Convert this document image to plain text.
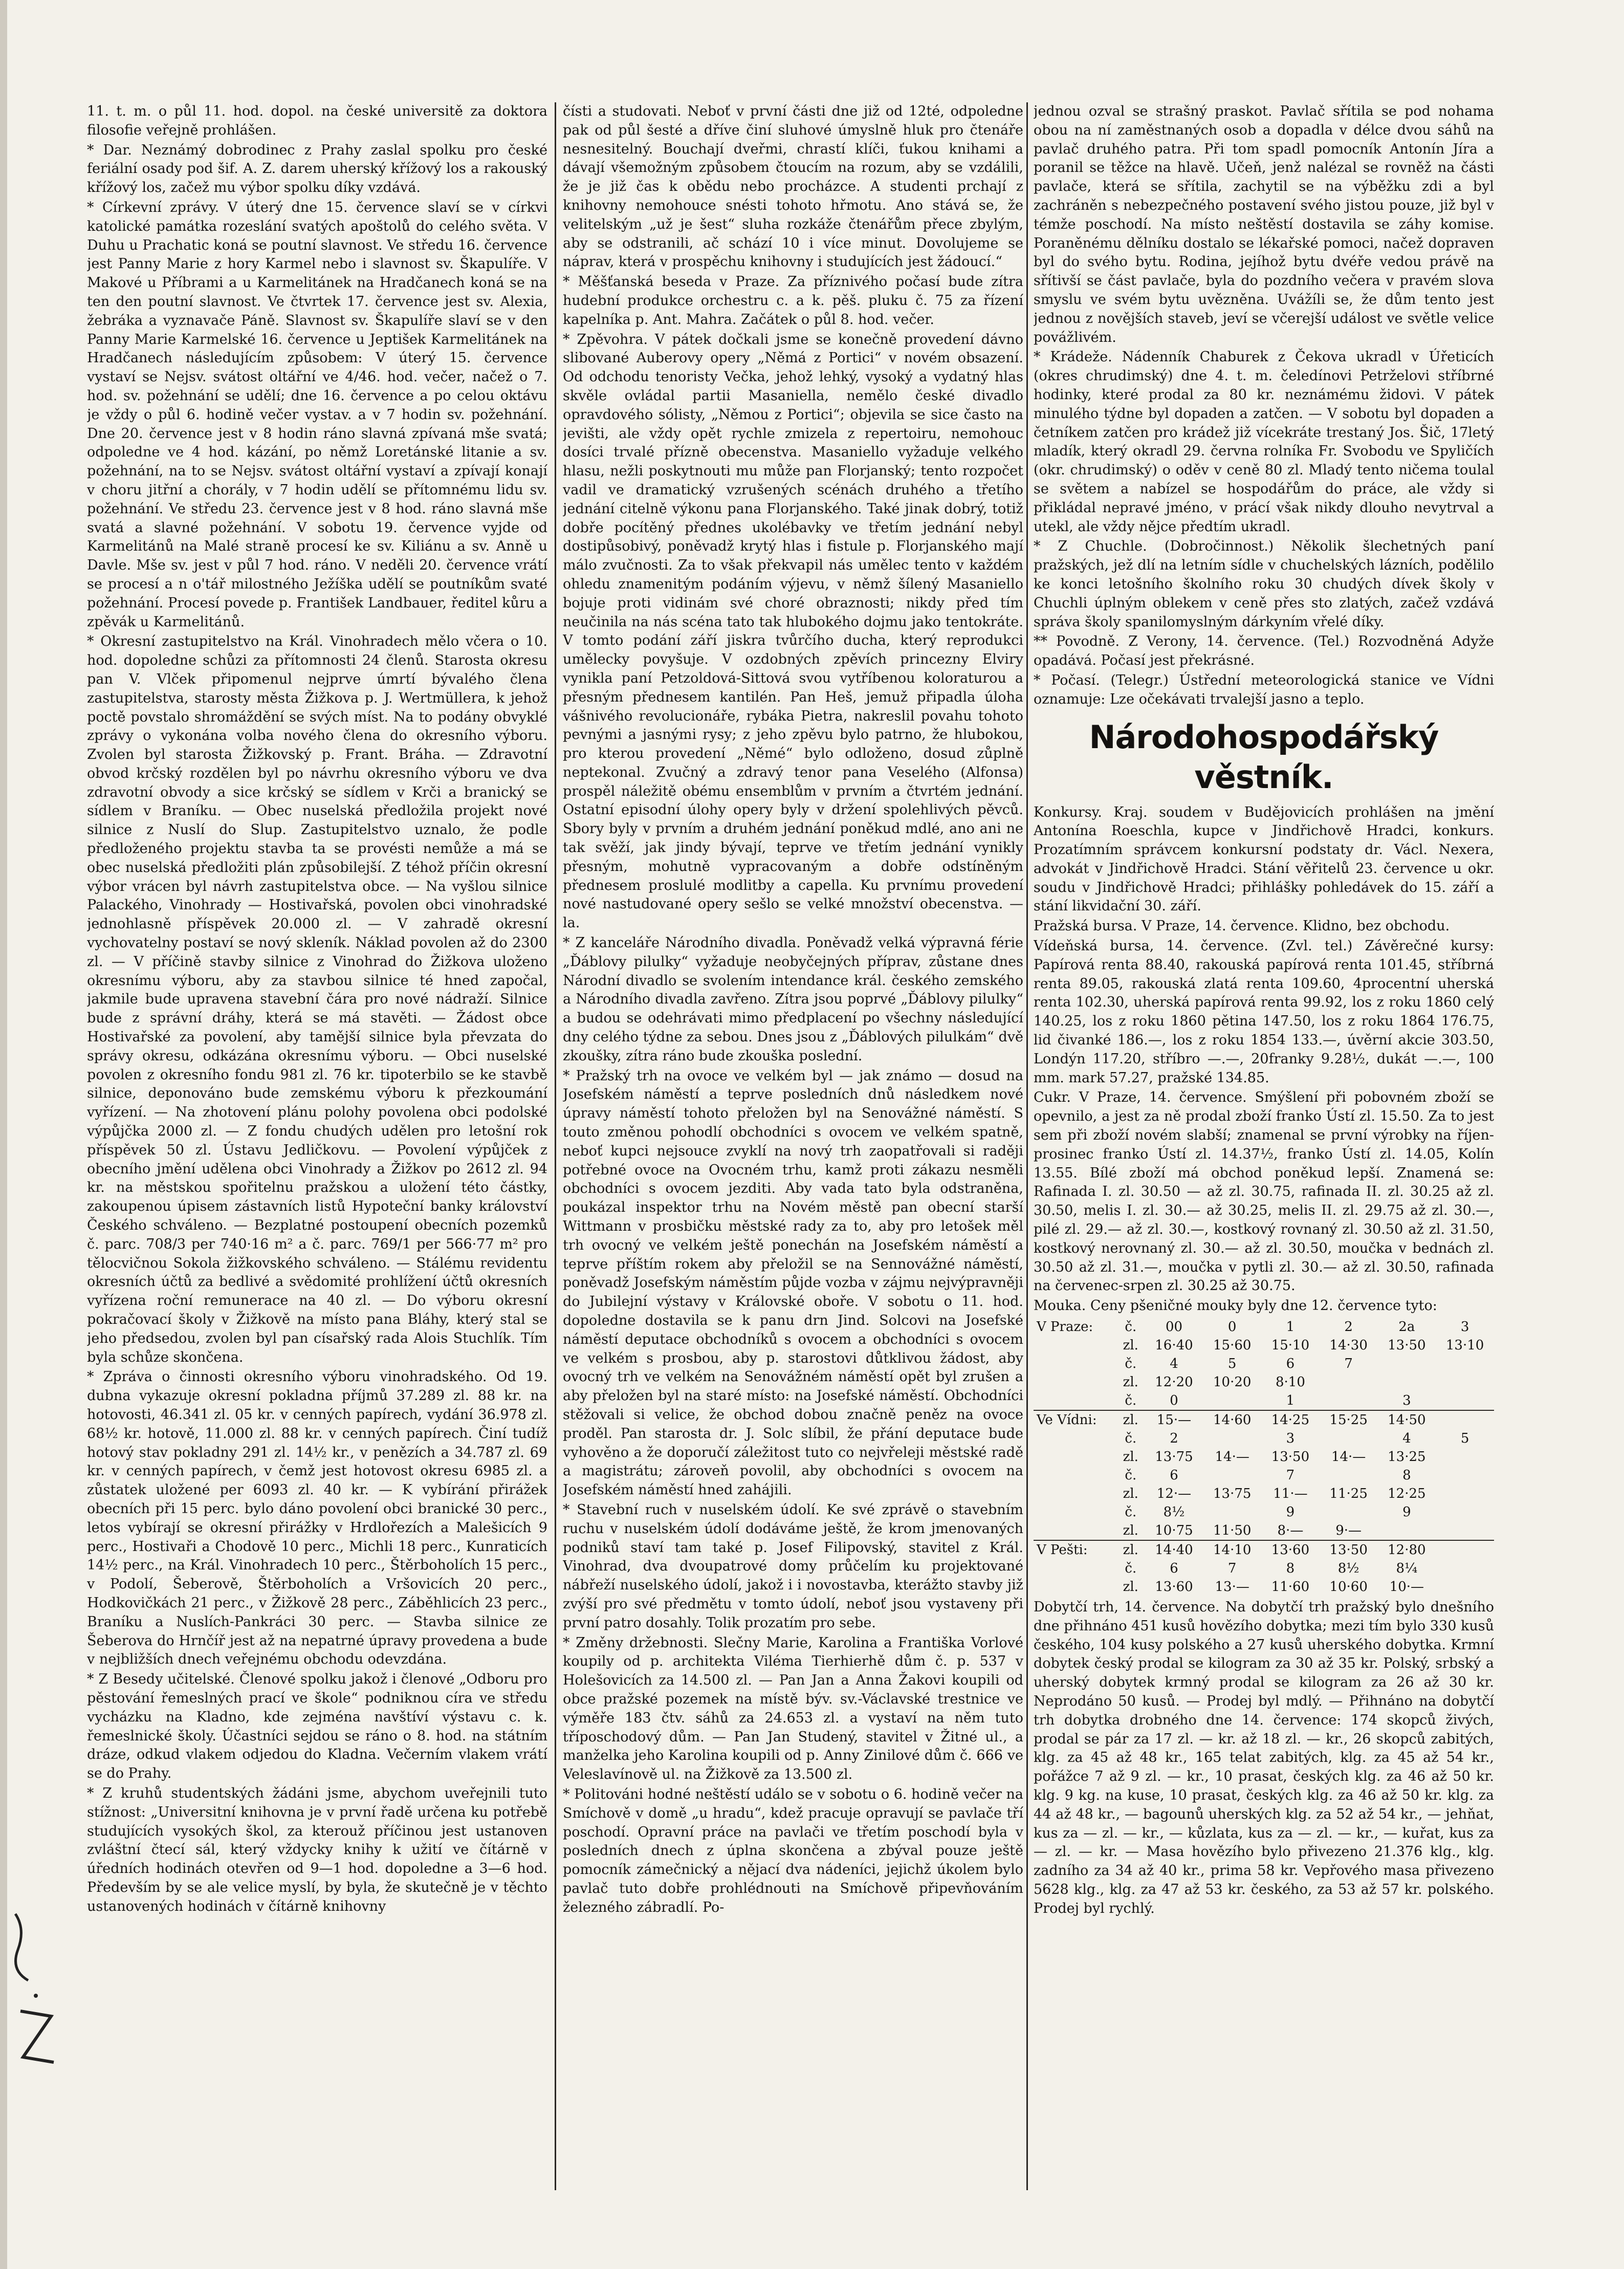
11. t. m. o půl 11. hod. dopol. na české universitě za doktora filosofie veřejně prohlášen.

* Dar. Neznámý dobrodinec z Prahy zaslal spolku pro české feriální osady pod šif. A. Z. darem uherský křížový los a rakouský křížový los, začež mu výbor spolku díky vzdává.

* Církevní zprávy. V úterý dne 15. července slaví se v církvi katolické památka rozeslání svatých apoštolů do celého světa. V Duhu u Prachatic koná se poutní slavnost. Ve středu 16. července jest Panny Marie z hory Karmel nebo i slavnost sv. Škapulíře. V Makové u Příbrami a u Karmelitánek na Hradčanech koná se na ten den poutní slavnost. Ve čtvrtek 17. července jest sv. Alexia, žebráka a vyznavače Páně. Slavnost sv. Škapulíře slaví se v den Panny Marie Karmelské 16. července u Jeptišek Karmelitánek na Hradčanech následujícím způsobem: V úterý 15. července vystaví se Nejsv. svátost oltářní ve 4/46. hod. večer, načež o 7. hod. sv. požehnání se udělí; dne 16. července a po celou oktávu je vždy o půl 6. hodině večer vystav. a v 7 hodin sv. požehnání. Dne 20. července jest v 8 hodin ráno slavná zpívaná mše svatá; odpoledne ve 4 hod. kázání, po němž Loretánské litanie a sv. požehnání, na to se Nejsv. svátost oltářní vystaví a zpívají konají v choru jitřní a chorály, v 7 hodin udělí se přítomnému lidu sv. požehnání. Ve středu 23. července jest v 8 hod. ráno slavná mše svatá a slavné požehnání. V sobotu 19. července vyjde od Karmelitánů na Malé straně procesí ke sv. Kiliánu a sv. Anně u Davle. Mše sv. jest v půl 7 hod. ráno. V neděli 20. července vrátí se procesí a n o'tář milostného Ježíška udělí se poutníkům svaté požehnání. Procesí povede p. František Landbauer, ředitel kůru a zpěvák u Karmelitánů.

* Okresní zastupitelstvo na Král. Vinohradech mělo včera o 10. hod. dopoledne schůzi za přítomnosti 24 členů. Starosta okresu pan V. Vlček připomenul nejprve úmrtí bývalého člena zastupitelstva, starosty města Žižkova p. J. Wertmüllera, k jehož poctě povstalo shromáždění se svých míst. Na to podány obvyklé zprávy o vykonána volba nového člena do okresního výboru. Zvolen byl starosta Žižkovský p. Frant. Bráha. — Zdravotní obvod krčský rozdělen byl po návrhu okresního výboru ve dva zdravotní obvody a sice krčský se sídlem v Krči a branický se sídlem v Braníku. — Obec nuselská předložila projekt nové silnice z Nuslí do Slup. Zastupitelstvo uznalo, že podle předloženého projektu stavba ta se provésti nemůže a má se obec nuselská předložiti plán způsobilejší. Z téhož příčin okresní výbor vrácen byl návrh zastupitelstva obce. — Na vyšlou silnice Palackého, Vinohrady — Hostivařská, povolen obci vinohradské jednohlasně příspěvek 20.000 zl. — V zahradě okresní vychovatelny postaví se nový skleník. Náklad povolen až do 2300 zl. — V příčině stavby silnice z Vinohrad do Žižkova uloženo okresnímu výboru, aby za stavbou silnice té hned započal, jakmile bude upravena stavební čára pro nové nádraží. Silnice bude z správní dráhy, která se má stavěti. — Žádost obce Hostivařské za povolení, aby tamější silnice byla převzata do správy okresu, odkázána okresnímu výboru. — Obci nuselské povolen z okresního fondu 981 zl. 76 kr. tipoterbilo se ke stavbě silnice, deponováno bude zemskému výboru k přezkoumání vyřízení. — Na zhotovení plánu polohy povolena obci podolské výpůjčka 2000 zl. — Z fondu chudých udělen pro letošní rok příspěvek 50 zl. Ústavu Jedličkovu. — Povolení výpůjček z obecního jmění udělena obci Vinohrady a Žižkov po 2612 zl. 94 kr. na městskou spořitelnu pražskou a uložení této částky, zakoupenou úpisem zástavních listů Hypoteční banky království Českého schváleno. — Bezplatné postoupení obecních pozemků č. parc. 708/3 per 740·16 m² a č. parc. 769/1 per 566·77 m² pro tělocvičnou Sokola žižkovského schváleno. — Stálému revidentu okresních účtů za bedlivé a svědomité prohlížení účtů okresních vyřízena roční remunerace na 40 zl. — Do výboru okresní pokračovací školy v Žižkově na místo pana Bláhy, který stal se jeho předsedou, zvolen byl pan císařský rada Alois Stuchlík. Tím byla schůze skončena.

* Zpráva o činnosti okresního výboru vinohradského. Od 19. dubna vykazuje okresní pokladna příjmů 37.289 zl. 88 kr. na hotovosti, 46.341 zl. 05 kr. v cenných papírech, vydání 36.978 zl. 68½ kr. hotově, 11.000 zl. 88 kr. v cenných papírech. Činí tudíž hotový stav pokladny 291 zl. 14½ kr., v penězích a 34.787 zl. 69 kr. v cenných papírech, v čemž jest hotovost okresu 6985 zl. a zůstatek uložené per 6093 zl. 40 kr. — K vybírání přirážek obecních při 15 perc. bylo dáno povolení obci branické 30 perc., letos vybírají se okresní přirážky v Hrdlořezích a Malešicích 9 perc., Hostivaři a Chodově 10 perc., Michli 18 perc., Kunraticích 14½ perc., na Král. Vinohradech 10 perc., Štěrboholích 15 perc., v Podolí, Šeberově, Štěrboholích a Vršovicích 20 perc., Hodkovičkách 21 perc., v Žižkově 28 perc., Záběhlicích 23 perc., Braníku a Nuslích-Pankráci 30 perc. — Stavba silnice ze Šeberova do Hrnčíř jest až na nepatrné úpravy provedena a bude v nejbližších dnech veřejnému obchodu odevzdána.

* Z Besedy učitelské. Členové spolku jakož i členové „Odboru pro pěstování řemeslných prací ve škole“ podniknou círa ve středu vycházku na Kladno, kde zejména navštíví výstavu c. k. řemeslnické školy. Účastníci sejdou se ráno o 8. hod. na státním dráze, odkud vlakem odjedou do Kladna. Večerním vlakem vrátí se do Prahy.

* Z kruhů studentských žádáni jsme, abychom uveřejnili tuto stížnost: „Universitní knihovna je v první řadě určena ku potřebě studujících vysokých škol, za kterouž příčinou jest ustanoven zvláštní čtecí sál, který vždycky knihy k užití ve čítárně v úředních hodinách otevřen od 9—1 hod. dopoledne a 3—6 hod. Především by se ale velice myslí, by byla, že skutečně je v těchto ustanovených hodinách v čítárně knihovny

čísti a studovati. Neboť v první části dne již od 12té, odpoledne pak od půl šesté a dříve činí sluhové úmyslně hluk pro čtenáře nesnesitelný. Bouchají dveřmi, chrastí klíči, ťukou knihami a dávají všemožným způsobem čtoucím na rozum, aby se vzdálili, že je již čas k obědu nebo procházce. A studenti prchají z knihovny nemohouce snésti tohoto hřmotu. Ano stává se, že velitelským „už je šest“ sluha rozkáže čtenářům přece zbylým, aby se odstranili, ač schází 10 i více minut. Dovolujeme se náprav, která v prospěchu knihovny i studujících jest žádoucí.“

* Měšťanská beseda v Praze. Za příznivého počasí bude zítra hudební produkce orchestru c. a k. pěš. pluku č. 75 za řízení kapelníka p. Ant. Mahra. Začátek o půl 8. hod. večer.

* Zpěvohra. V pátek dočkali jsme se konečně provedení dávno slibované Auberovy opery „Němá z Portici“ v novém obsazení. Od odchodu tenoristy Večka, jehož lehký, vysoký a vydatný hlas skvěle ovládal partii Masaniella, nemělo české divadlo opravdového sólisty, „Němou z Portici“; objevila se sice často na jevišti, ale vždy opět rychle zmizela z repertoiru, nemohouc dosíci trvalé přízně obecenstva. Masaniello vyžaduje velkého hlasu, nežli poskytnouti mu může pan Florjanský; tento rozpočet vadil ve dramatický vzrušených scénách druhého a třetího jednání citelně výkonu pana Florjanského. Také jinak dobrý, totiž dobře pocítěný přednes ukolébavky ve třetím jednání nebyl dostipůsobivý, poněvadž krytý hlas i fistule p. Florjanského mají málo zvučnosti. Za to však překvapil nás umělec tento v každém ohledu znamenitým podáním výjevu, v němž šílený Masaniello bojuje proti vidinám své choré obraznosti; nikdy před tím neučinila na nás scéna tato tak hlubokého dojmu jako tentokráte. V tomto podání září jiskra tvůrčího ducha, který reprodukci umělecky povyšuje. V ozdobných zpěvích princezny Elviry vynikla paní Petzoldová-Sittová svou vytříbenou koloraturou a přesným přednesem kantilén. Pan Heš, jemuž připadla úloha vášnivého revolucionáře, rybáka Pietra, nakreslil povahu tohoto pevnými a jasnými rysy; z jeho zpěvu bylo patrno, že hlubokou, pro kterou provedení „Němé“ bylo odloženo, dosud zůplně neptekonal. Zvučný a zdravý tenor pana Veselého (Alfonsa) prospěl náležitě obému ensemblům v prvním a čtvrtém jednání. Ostatní episodní úlohy opery byly v držení spolehlivých pěvců. Sbory byly v prvním a druhém jednání poněkud mdlé, ano ani ne tak svěží, jak jindy bývají, teprve ve třetím jednání vynikly přesným, mohutně vypracovaným a dobře odstíněným přednesem proslulé modlitby a capella. Ku prvnímu provedení nové nastudované opery sešlo se velké množství obecenstva. —la.

* Z kanceláře Národního divadla. Poněvadž velká výpravná férie „Ďáblovy pilulky“ vyžaduje neobyčejných příprav, zůstane dnes Národní divadlo se svolením intendance král. českého zemského a Národního divadla zavřeno. Zítra jsou poprvé „Ďáblovy pilulky“ a budou se odehrávati mimo předplacení po všechny následující dny celého týdne za sebou. Dnes jsou z „Ďáblových pilulkám“ dvě zkoušky, zítra ráno bude zkouška poslední.

* Pražský trh na ovoce ve velkém byl — jak známo — dosud na Josefském náměstí a teprve posledních dnů následkem nové úpravy náměstí tohoto přeložen byl na Senovážné náměstí. S touto změnou pohodlí obchodníci s ovocem ve velkém spatně, neboť kupci nejsouce zvyklí na nový trh zaopatřovali si raději potřebné ovoce na Ovocném trhu, kamž proti zákazu nesměli obchodníci s ovocem jezditi. Aby vada tato byla odstraněna, poukázal inspektor trhu na Novém městě pan obecní starší Wittmann v prosbičku městské rady za to, aby pro letošek měl trh ovocný ve velkém ještě ponechán na Josefském náměstí a teprve příštím rokem aby přeložil se na Sennovážné náměstí, poněvadž Josefským náměstím půjde vozba v zájmu nejvýpravněji do Jubilejní výstavy v Královské oboře. V sobotu o 11. hod. dopoledne dostavila se k panu drn Jind. Solcovi na Josefské náměstí deputace obchodníků s ovocem a obchodníci s ovocem ve velkém s prosbou, aby p. starostovi důtklivou žádost, aby ovocný trh ve velkém na Senovážném náměstí opět byl zrušen a aby přeložen byl na staré místo: na Josefské náměstí. Obchodníci stěžovali si velice, že obchod dobou značně peněz na ovoce proděl. Pan starosta dr. J. Solc slíbil, že přání deputace bude vyhověno a že doporučí záležitost tuto co nejvřeleji městské radě a magistrátu; zároveň povolil, aby obchodníci s ovocem na Josefském náměstí hned zahájili.

* Stavební ruch v nuselském údolí. Ke své zprávě o stavebním ruchu v nuselském údolí dodáváme ještě, že krom jmenovaných podniků staví tam také p. Josef Filipovský, stavitel z Král. Vinohrad, dva dvoupatrové domy průčelím ku projektované nábřeží nuselského údolí, jakož i i novostavba, kterážto stavby již zvýší pro své předmětu v tomto údolí, neboť jsou vystaveny při první patro dosahly. Tolik prozatím pro sebe.

* Změny držebnosti. Slečny Marie, Karolina a Františka Vorlové koupily od p. architekta Viléma Tierhierhě dům č. p. 537 v Holešovicích za 14.500 zl. — Pan Jan a Anna Žakovi koupili od obce pražské pozemek na místě býv. sv.-Václavské trestnice ve výměře 183 čtv. sáhů za 24.653 zl. a vystaví na něm tuto tříposchodový dům. — Pan Jan Studený, stavitel v Žitné ul., a manželka jeho Karolina koupili od p. Anny Zinilové dům č. 666 ve Veleslavínově ul. na Žižkově za 13.500 zl.

* Politováni hodné neštěstí událo se v sobotu o 6. hodině večer na Smíchově v domě „u hradu“, kdež pracuje opravují se pavlače tří poschodí. Opravní práce na pavlači ve třetím poschodí byla v posledních dnech z úplna skončena a zbýval pouze ještě pomocník zámečnický a nějací dva nádeníci, jejichž úkolem bylo pavlač tuto dobře prohlédnouti na Smíchově připevňováním železného zábradlí. Po-

jednou ozval se strašný praskot. Pavlač sřítila se pod nohama obou na ní zaměstnaných osob a dopadla v délce dvou sáhů na pavlač druhého patra. Při tom spadl pomocník Antonín Jíra a poranil se těžce na hlavě. Učeň, jenž nalézal se rovněž na části pavlače, která se sřítila, zachytil se na výběžku zdi a byl zachráněn s nebezpečného postavení svého jistou pouze, již byl v témže poschodí. Na místo neštěstí dostavila se záhy komise. Poraněnému dělníku dostalo se lékařské pomoci, načež dopraven byl do svého bytu. Rodina, jejíhož bytu dvéře vedou právě na sřítivší se část pavlače, byla do pozdního večera v pravém slova smyslu ve svém bytu uvězněna. Uvážíli se, že dům tento jest jednou z novějších staveb, jeví se včerejší událost ve světle velice povážlivém.

* Krádeže. Nádenník Chaburek z Čekova ukradl v Úřeticích (okres chrudimský) dne 4. t. m. čeledínovi Petrželovi stříbrné hodinky, které prodal za 80 kr. neznámému židovi. V pátek minulého týdne byl dopaden a zatčen. — V sobotu byl dopaden a četníkem zatčen pro krádež již vícekráte trestaný Jos. Šič, 17letý mladík, který okradl 29. června rolníka Fr. Svobodu ve Spyličích (okr. chrudimský) o oděv v ceně 80 zl. Mladý tento ničema toulal se světem a nabízel se hospodářům do práce, ale vždy si přikládal nepravé jméno, v prácí však nikdy dlouho nevytrval a utekl, ale vždy nějce předtím ukradl.

* Z Chuchle. (Dobročinnost.) Několik šlechetných paní pražských, jež dlí na letním sídle v chuchelských lázních, podělilo ke konci letošního školního roku 30 chudých dívek školy v Chuchli úplným oblekem v ceně přes sto zlatých, začež vzdává správa školy spanilomyslným dárkyním vřelé díky.

** Povodně. Z Verony, 14. července. (Tel.) Rozvodněná Adyže opadává. Počasí jest překrásné.

* Počasí. (Telegr.) Ústřední meteorologická stanice ve Vídni oznamuje: Lze očekávati trvalejší jasno a teplo.

Národohospodářský věstník.

Konkursy. Kraj. soudem v Budějovicích prohlášen na jmění Antonína Roeschla, kupce v Jindřichově Hradci, konkurs. Prozatímním správcem konkursní podstaty dr. Václ. Nexera, advokát v Jindřichově Hradci. Stání věřitelů 23. července u okr. soudu v Jindřichově Hradci; přihlášky pohledávek do 15. září a stání likvidační 30. září.

Pražská bursa. V Praze, 14. července. Klidno, bez obchodu.

Vídeňská bursa, 14. července. (Zvl. tel.) Závěrečné kursy: Papírová renta 88.40, rakouská papírová renta 101.45, stříbrná renta 89.05, rakouská zlatá renta 109.60, 4procentní uherská renta 102.30, uherská papírová renta 99.92, los z roku 1860 celý 140.25, los z roku 1860 pětina 147.50, los z roku 1864 176.75, lid čivanké 186.—, los z roku 1854 133.—, úvěrní akcie 303.50, Londýn 117.20, stříbro —.—, 20franky 9.28½, dukát —.—, 100 mm. mark 57.27, pražské 134.85.

Cukr. V Praze, 14. července. Smýšlení při pobovném zboží se opevnilo, a jest za ně prodal zboží franko Ústí zl. 15.50. Za to jest sem při zboží novém slabší; znamenal se první výrobky na říjen-prosinec franko Ústí zl. 14.37½, franko Ústí zl. 14.05, Kolín 13.55. Bílé zboží má obchod poněkud lepší. Znamená se: Rafinada I. zl. 30.50 — až zl. 30.75, rafinada II. zl. 30.25 až zl. 30.50, melis I. zl. 30.— až 30.25, melis II. zl. 29.75 až zl. 30.—, pilé zl. 29.— až zl. 30.—, kostkový rovnaný zl. 30.50 až zl. 31.50, kostkový nerovnaný zl. 30.— až zl. 30.50, moučka v bednách zl. 30.50 až zl. 31.—, moučka v pytli zl. 30.— až zl. 30.50, rafinada na červenec-srpen zl. 30.25 až 30.75.

Mouka. Ceny pšeničné mouky byly dne 12. července tyto:

V Praze:	č.	00	0	1	2	2a	3
	zl.	16·40	15·60	15·10	14·30	13·50	13·10
	č.	4	5	6	7		
	zl.	12·20	10·20	8·10			
	č.	0		1		3	
Ve Vídni:	zl.	15·—	14·60	14·25	15·25	14·50	
	č.	2		3		4	5
	zl.	13·75	14·—	13·50	14·—	13·25	
	č.	6		7		8	
	zl.	12·—	13·75	11·—	11·25	12·25	
	č.	8½		9		9	
	zl.	10·75	11·50	8·—	9·—		
V Pešti:	zl.	14·40	14·10	13·60	13·50	12·80	
	č.	6	7	8	8½	8¼	
	zl.	13·60	13·—	11·60	10·60	10·—	

Dobytčí trh, 14. července. Na dobytčí trh pražský bylo dnešního dne přihnáno 451 kusů hovězího dobytka; mezi tím bylo 330 kusů českého, 104 kusy polského a 27 kusů uherského dobytka. Krmní dobytek český prodal se kilogram za 30 až 35 kr. Polský, srbský a uherský dobytek krmný prodal se kilogram za 26 až 30 kr. Neprodáno 50 kusů. — Prodej byl mdlý. — Přihnáno na dobytčí trh dobytka drobného dne 14. července: 174 skopců živých, prodal se pár za 17 zl. — kr. až 18 zl. — kr., 26 skopců zabitých, klg. za 45 až 48 kr., 165 telat zabitých, klg. za 45 až 54 kr., pořážce 7 až 9 zl. — kr., 10 prasat, českých klg. za 46 až 50 kr. klg. 9 kg. na kuse, 10 prasat, českých klg. za 46 až 50 kr. klg. za 44 až 48 kr., — bagounů uherských klg. za 52 až 54 kr., — jehňat, kus za — zl. — kr., — kůzlata, kus za — zl. — kr., — kuřat, kus za — zl. — kr. — Masa hovězího bylo přivezeno 21.376 klg., klg. zadního za 34 až 40 kr., prima 58 kr. Vepřového masa přivezeno 5628 klg., klg. za 47 až 53 kr. českého, za 53 až 57 kr. polského. Prodej byl rychlý.
